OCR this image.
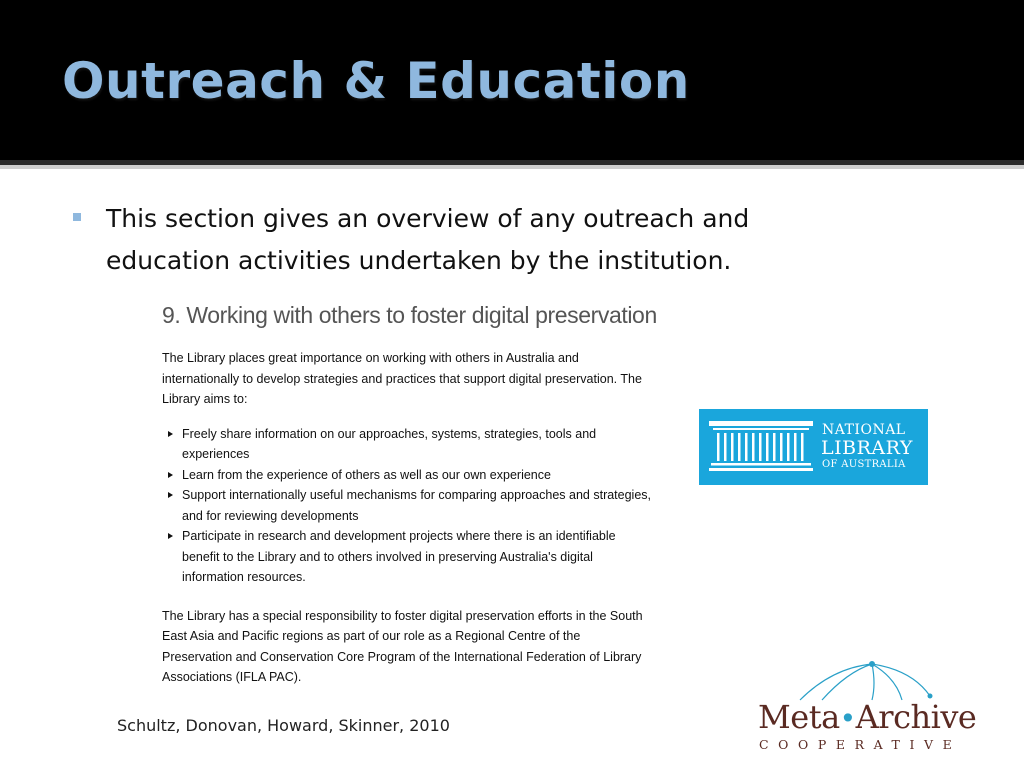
Outreach & Education
This section gives an overview of any outreach and education activities undertaken by the institution.
9. Working with others to foster digital preservation
The Library places great importance on working with others in Australia and internationally to develop strategies and practices that support digital preservation. The Library aims to:
Freely share information on our approaches, systems, strategies, tools and experiences
Learn from the experience of others as well as our own experience
Support internationally useful mechanisms for comparing approaches and strategies, and for reviewing developments
Participate in research and development projects where there is an identifiable benefit to the Library and to others involved in preserving Australia's digital information resources.
The Library has a special responsibility to foster digital preservation efforts in the South East Asia and Pacific regions as part of our role as a Regional Centre of the Preservation and Conservation Core Program of the International Federation of Library Associations (IFLA PAC).
NATIONAL
LIBRARY
OF AUSTRALIA
Schultz, Donovan, Howard, Skinner, 2010	Meta•Archive
COOPERATIVE
